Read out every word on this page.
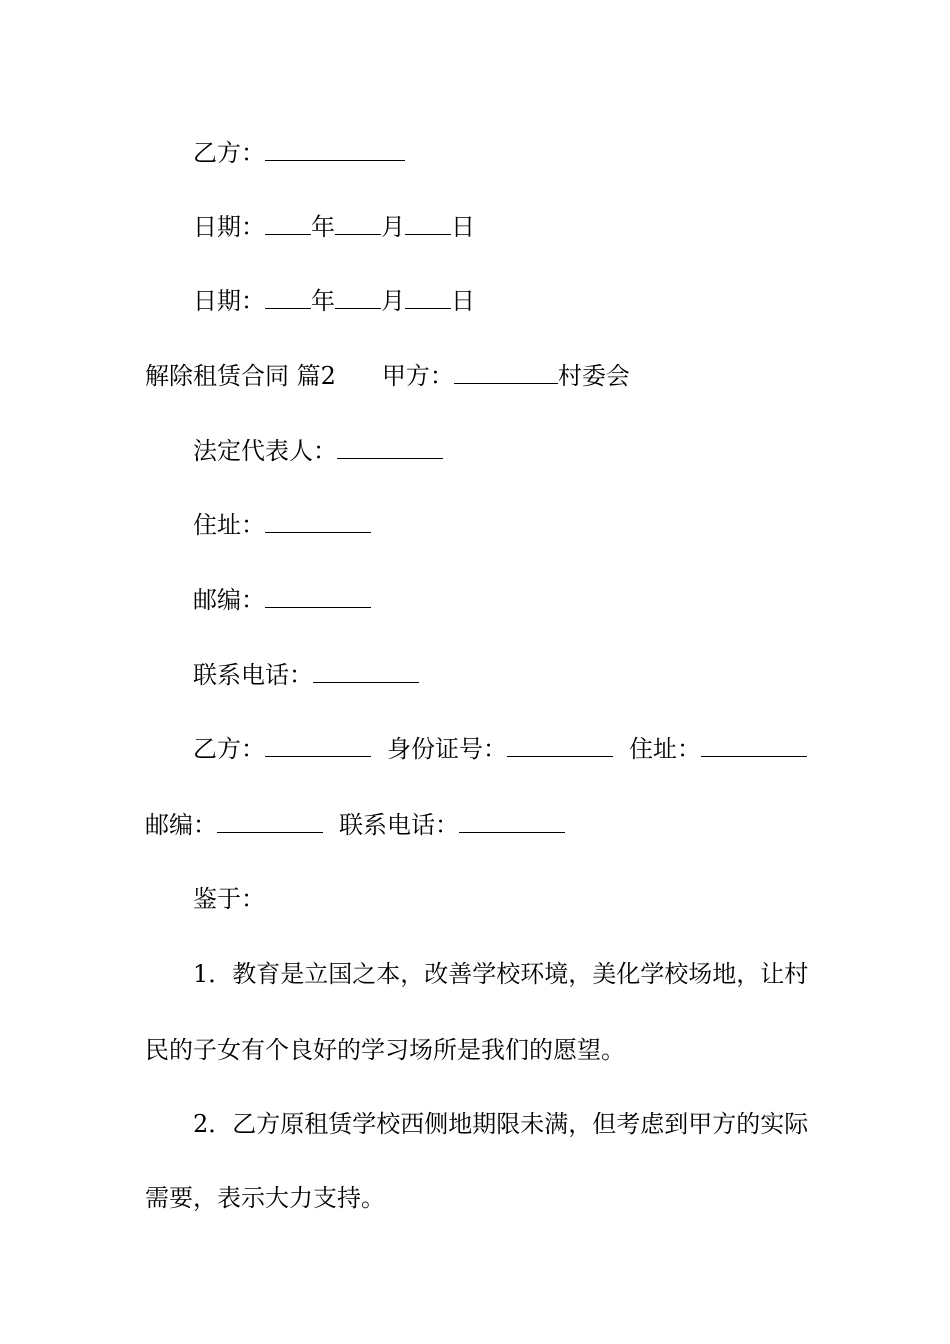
乙方：
日期： 年 月 日
日期： 年 月 日
解除租赁合同 篇2 甲方：	村委会
法定代表人：
住址：
邮编：
联系电话：
乙方：	身份证号：	住址：
邮编：	联系电话：
鉴于：
1．教育是立国之本，改善学校环境，美化学校场地，让村
民的子女有个良好的学习场所是我们的愿望。
2．乙方原租赁学校西侧地期限未满，但考虑到甲方的实际
需要，表示大力支持。
